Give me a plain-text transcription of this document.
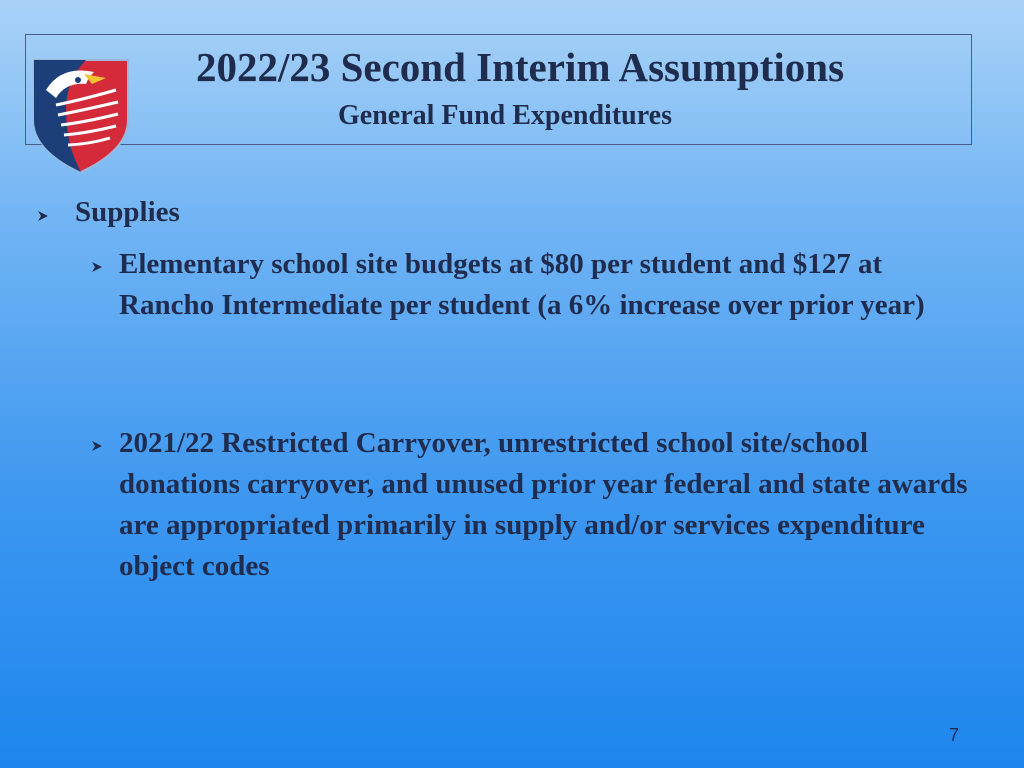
2022/23 Second Interim Assumptions
General Fund Expenditures
Supplies
Elementary school site budgets at $80 per student and $127 at Rancho Intermediate per student (a 6% increase over prior year)
2021/22 Restricted Carryover, unrestricted school site/school donations carryover, and unused prior year federal and state awards are appropriated primarily in supply and/or services expenditure object codes
7
